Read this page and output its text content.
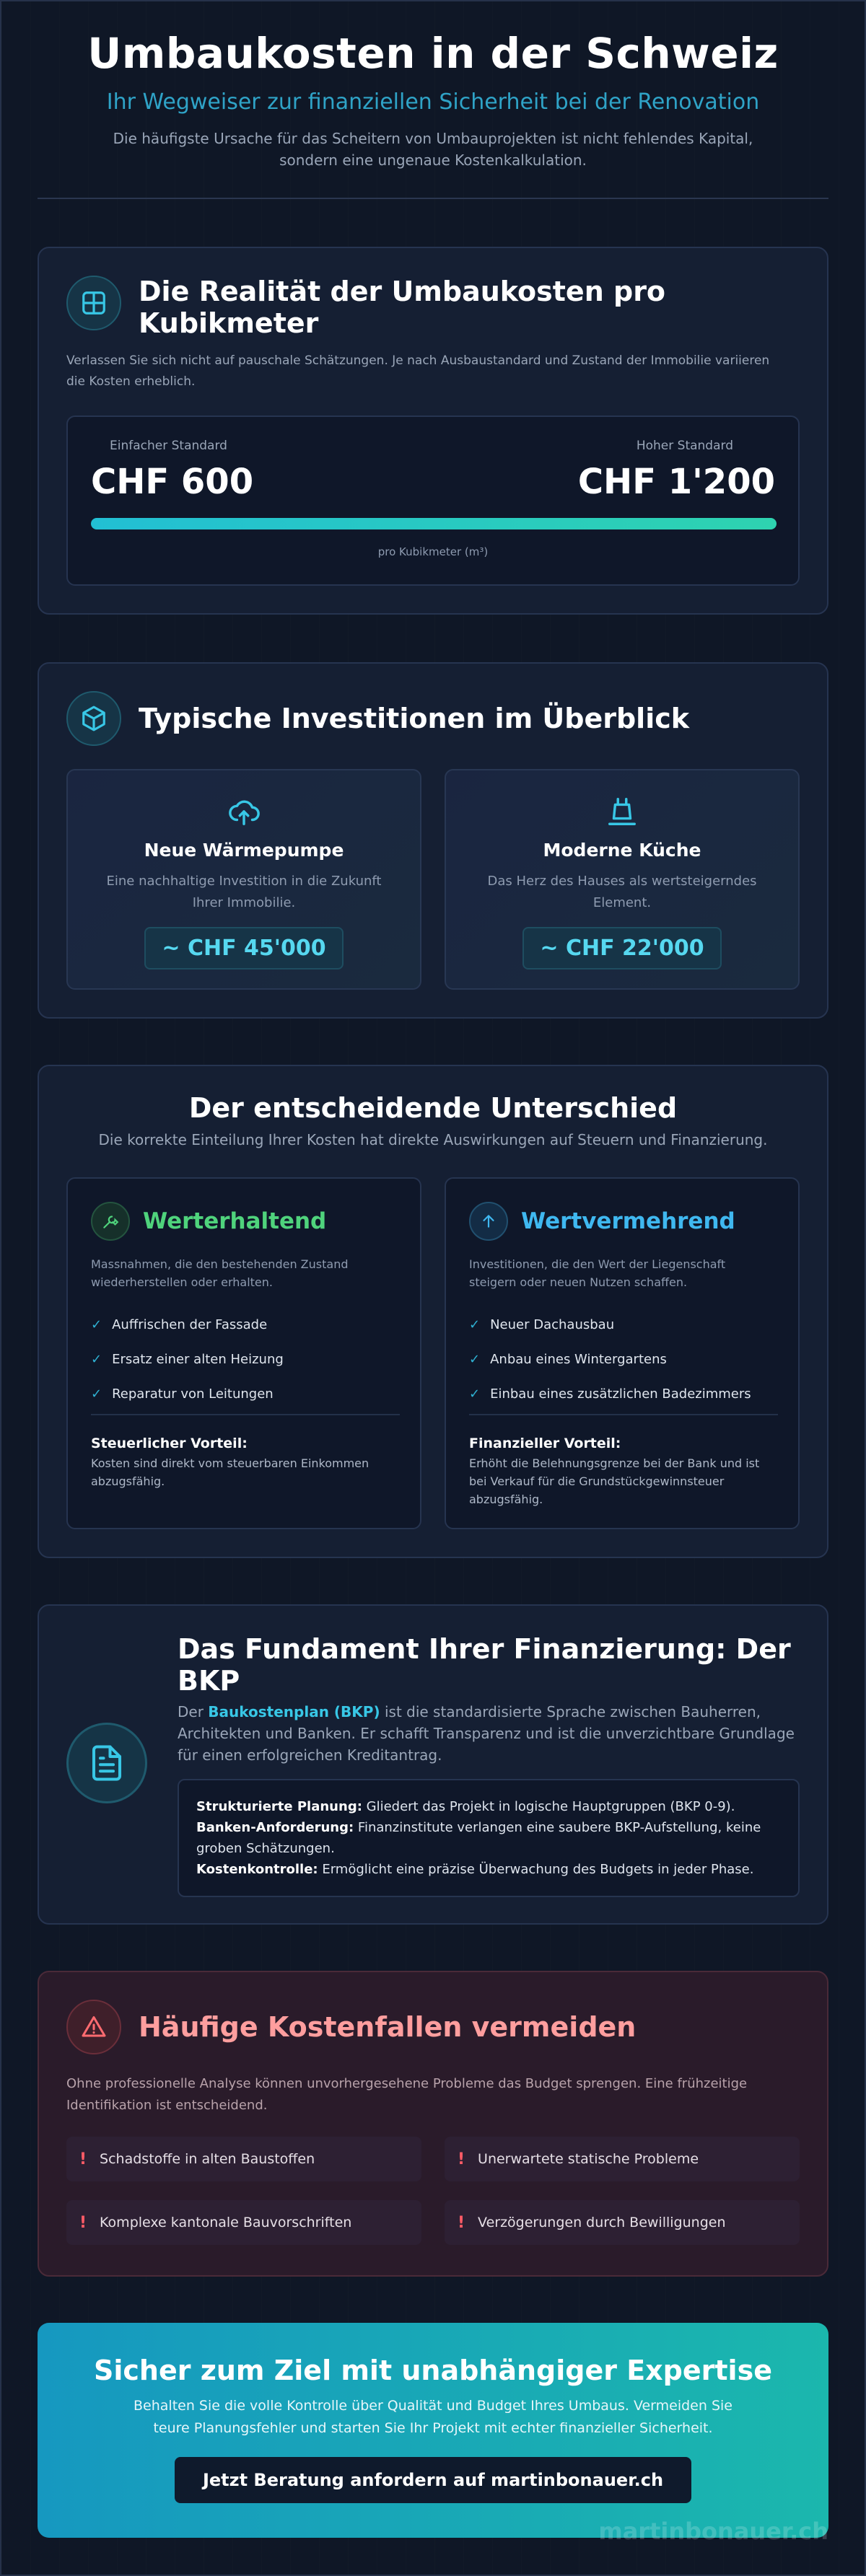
Umbaukosten in der Schweiz
Ihr Wegweiser zur finanziellen Sicherheit bei der Renovation
Die häufigste Ursache für das Scheitern von Umbauprojekten ist nicht fehlendes Kapital,
sondern eine ungenaue Kostenkalkulation.
Die Realität der Umbaukosten pro Kubikmeter
Verlassen Sie sich nicht auf pauschale Schätzungen. Je nach Ausbaustandard und Zustand der Immobilie variieren die Kosten erheblich.
Einfacher Standard
CHF 600
Hoher Standard
CHF 1'200
pro Kubikmeter (m³)
Typische Investitionen im Überblick
Neue Wärmepumpe

Eine nachhaltige Investition in die Zukunft Ihrer Immobilie.

~ CHF 45'000
Moderne Küche

Das Herz des Hauses als wertsteigerndes Element.

~ CHF 22'000
Der entscheidende Unterschied
Die korrekte Einteilung Ihrer Kosten hat direkte Auswirkungen auf Steuern und Finanzierung.
Werterhaltend
Massnahmen, die den bestehenden Zustand wiederherstellen oder erhalten.
✓ Auffrischen der Fassade
✓ Ersatz einer alten Heizung
✓ Reparatur von Leitungen
Steuerlicher Vorteil:
Kosten sind direkt vom steuerbaren Einkommen abzugsfähig.
Wertvermehrend
Investitionen, die den Wert der Liegenschaft steigern oder neuen Nutzen schaffen.
✓ Neuer Dachausbau
✓ Anbau eines Wintergartens
✓ Einbau eines zusätzlichen Badezimmers
Finanzieller Vorteil:
Erhöht die Belehnungsgrenze bei der Bank und ist bei Verkauf für die Grundstückgewinnsteuer abzugsfähig.
Das Fundament Ihrer Finanzierung: Der BKP
Der Baukostenplan (BKP) ist die standardisierte Sprache zwischen Bauherren, Architekten und Banken. Er schafft Transparenz und ist die unverzichtbare Grundlage für einen erfolgreichen Kreditantrag.
Strukturierte Planung: Gliedert das Projekt in logische Hauptgruppen (BKP 0-9).
Banken-Anforderung: Finanzinstitute verlangen eine saubere BKP-Aufstellung, keine groben Schätzungen.
Kostenkontrolle: Ermöglicht eine präzise Überwachung des Budgets in jeder Phase.
Häufige Kostenfallen vermeiden
Ohne professionelle Analyse können unvorhergesehene Probleme das Budget sprengen. Eine frühzeitige Identifikation ist entscheidend.
! Schadstoffe in alten Baustoffen	! Unerwartete statische Probleme
! Komplexe kantonale Bauvorschriften	! Verzögerungen durch Bewilligungen
Sicher zum Ziel mit unabhängiger Expertise
Behalten Sie die volle Kontrolle über Qualität und Budget Ihres Umbaus. Vermeiden Sie
teure Planungsfehler und starten Sie Ihr Projekt mit echter finanzieller Sicherheit.
Jetzt Beratung anfordern auf martinbonauer.ch
martinbonauer.ch
